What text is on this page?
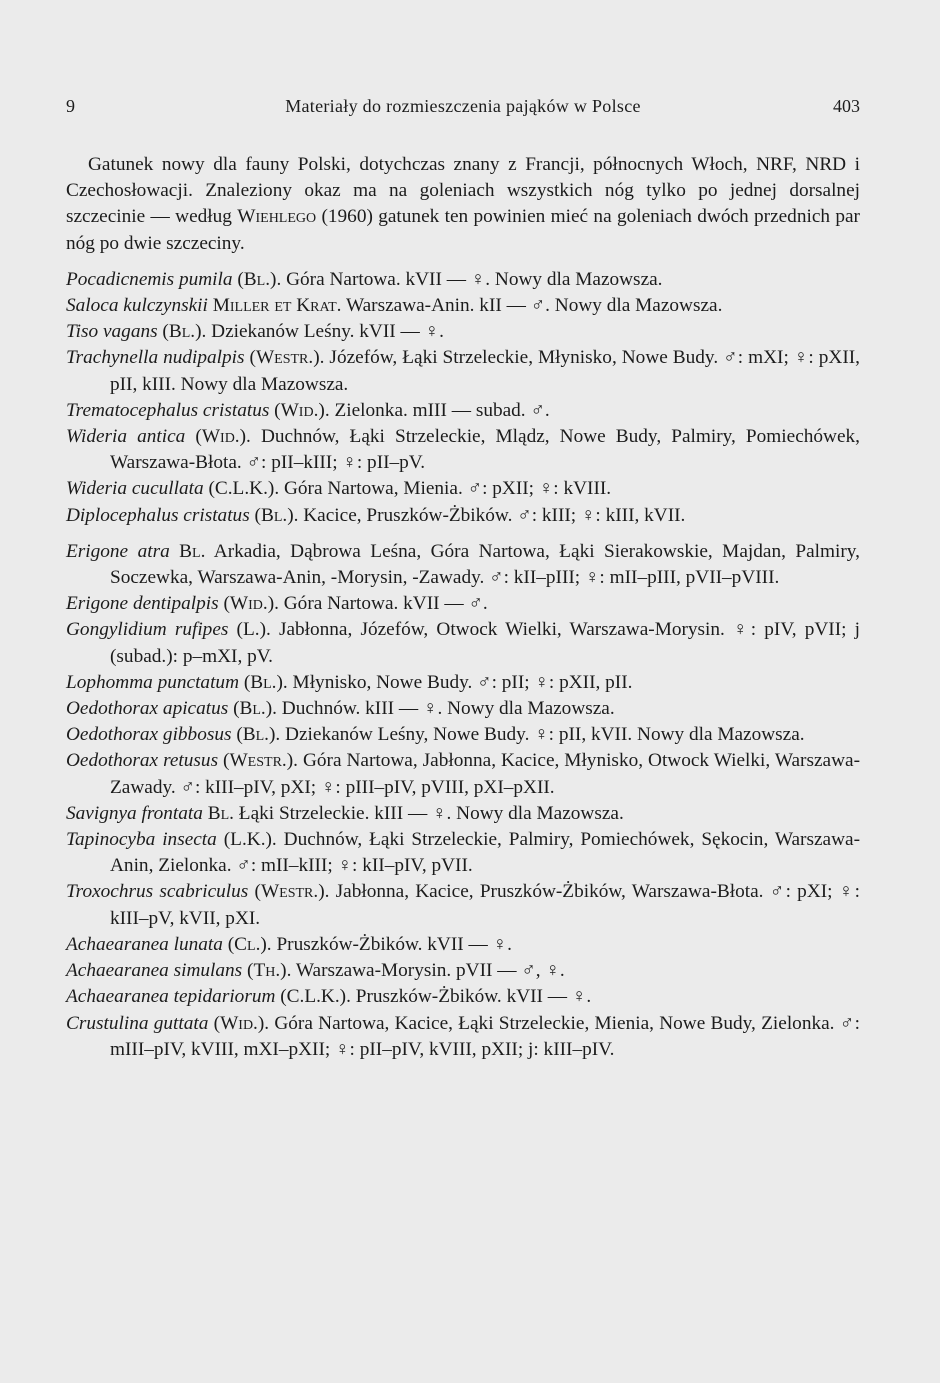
9	Materiały do rozmieszczenia pająków w Polsce	403

Gatunek nowy dla fauny Polski, dotychczas znany z Francji, północnych Włoch, NRF, NRD i Czechosłowacji. Znaleziony okaz ma na goleniach wszystkich nóg tylko po jednej dorsalnej szczecinie — według Wiehlego (1960) gatunek ten powinien mieć na goleniach dwóch przednich par nóg po dwie szczeciny.

Pocadicnemis pumila (Bl.). Góra Nartowa. kVII — ♀. Nowy dla Mazowsza.

Saloca kulczynskii Miller et Krat. Warszawa-Anin. kII — ♂. Nowy dla Mazowsza.

Tiso vagans (Bl.). Dziekanów Leśny. kVII — ♀.

Trachynella nudipalpis (Westr.). Józefów, Łąki Strzeleckie, Młynisko, Nowe Budy. ♂: mXI; ♀: pXII, pII, kIII. Nowy dla Mazowsza.

Trematocephalus cristatus (Wid.). Zielonka. mIII — subad. ♂.

Wideria antica (Wid.). Duchnów, Łąki Strzeleckie, Mlądz, Nowe Budy, Palmiry, Pomiechówek, Warszawa-Błota. ♂: pII–kIII; ♀: pII–pV.

Wideria cucullata (C.L.K.). Góra Nartowa, Mienia. ♂: pXII; ♀: kVIII.

Diplocephalus cristatus (Bl.). Kacice, Pruszków-Żbików. ♂: kIII; ♀: kIII, kVII.

Erigone atra Bl. Arkadia, Dąbrowa Leśna, Góra Nartowa, Łąki Sierakowskie, Majdan, Palmiry, Soczewka, Warszawa-Anin, -Morysin, -Zawady. ♂: kII–pIII; ♀: mII–pIII, pVII–pVIII.

Erigone dentipalpis (Wid.). Góra Nartowa. kVII — ♂.

Gongylidium rufipes (L.). Jabłonna, Józefów, Otwock Wielki, Warszawa-Morysin. ♀: pIV, pVII; j (subad.): p–mXI, pV.

Lophomma punctatum (Bl.). Młynisko, Nowe Budy. ♂: pII; ♀: pXII, pII.

Oedothorax apicatus (Bl.). Duchnów. kIII — ♀. Nowy dla Mazowsza.

Oedothorax gibbosus (Bl.). Dziekanów Leśny, Nowe Budy. ♀: pII, kVII. Nowy dla Mazowsza.

Oedothorax retusus (Westr.). Góra Nartowa, Jabłonna, Kacice, Młynisko, Otwock Wielki, Warszawa-Zawady. ♂: kIII–pIV, pXI; ♀: pIII–pIV, pVIII, pXI–pXII.

Savignya frontata Bl. Łąki Strzeleckie. kIII — ♀. Nowy dla Mazowsza.

Tapinocyba insecta (L.K.). Duchnów, Łąki Strzeleckie, Palmiry, Pomiechówek, Sękocin, Warszawa-Anin, Zielonka. ♂: mII–kIII; ♀: kII–pIV, pVII.

Troxochrus scabriculus (Westr.). Jabłonna, Kacice, Pruszków-Żbików, Warszawa-Błota. ♂: pXI; ♀: kIII–pV, kVII, pXI.

Achaearanea lunata (Cl.). Pruszków-Żbików. kVII — ♀.

Achaearanea simulans (Th.). Warszawa-Morysin. pVII — ♂, ♀.

Achaearanea tepidariorum (C.L.K.). Pruszków-Żbików. kVII — ♀.

Crustulina guttata (Wid.). Góra Nartowa, Kacice, Łąki Strzeleckie, Mienia, Nowe Budy, Zielonka. ♂: mIII–pIV, kVIII, mXI–pXII; ♀: pII–pIV, kVIII, pXII; j: kIII–pIV.
